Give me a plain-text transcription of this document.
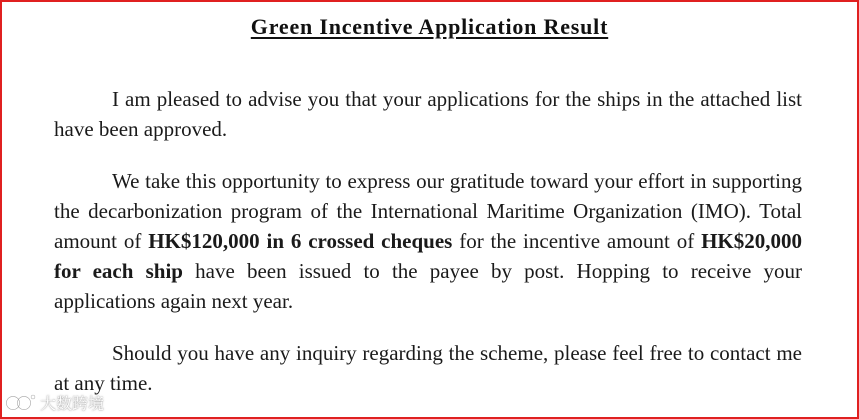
Green Incentive Application Result

I am pleased to advise you that your applications for the ships in the attached list have been approved.

We take this opportunity to express our gratitude toward your effort in supporting the decarbonization program of the International Maritime Organization (IMO). Total amount of HK$120,000 in 6 crossed cheques for the incentive amount of HK$20,000 for each ship have been issued to the payee by post. Hopping to receive your applications again next year.

Should you have any inquiry regarding the scheme, please feel free to contact me at any time.

大数跨境
